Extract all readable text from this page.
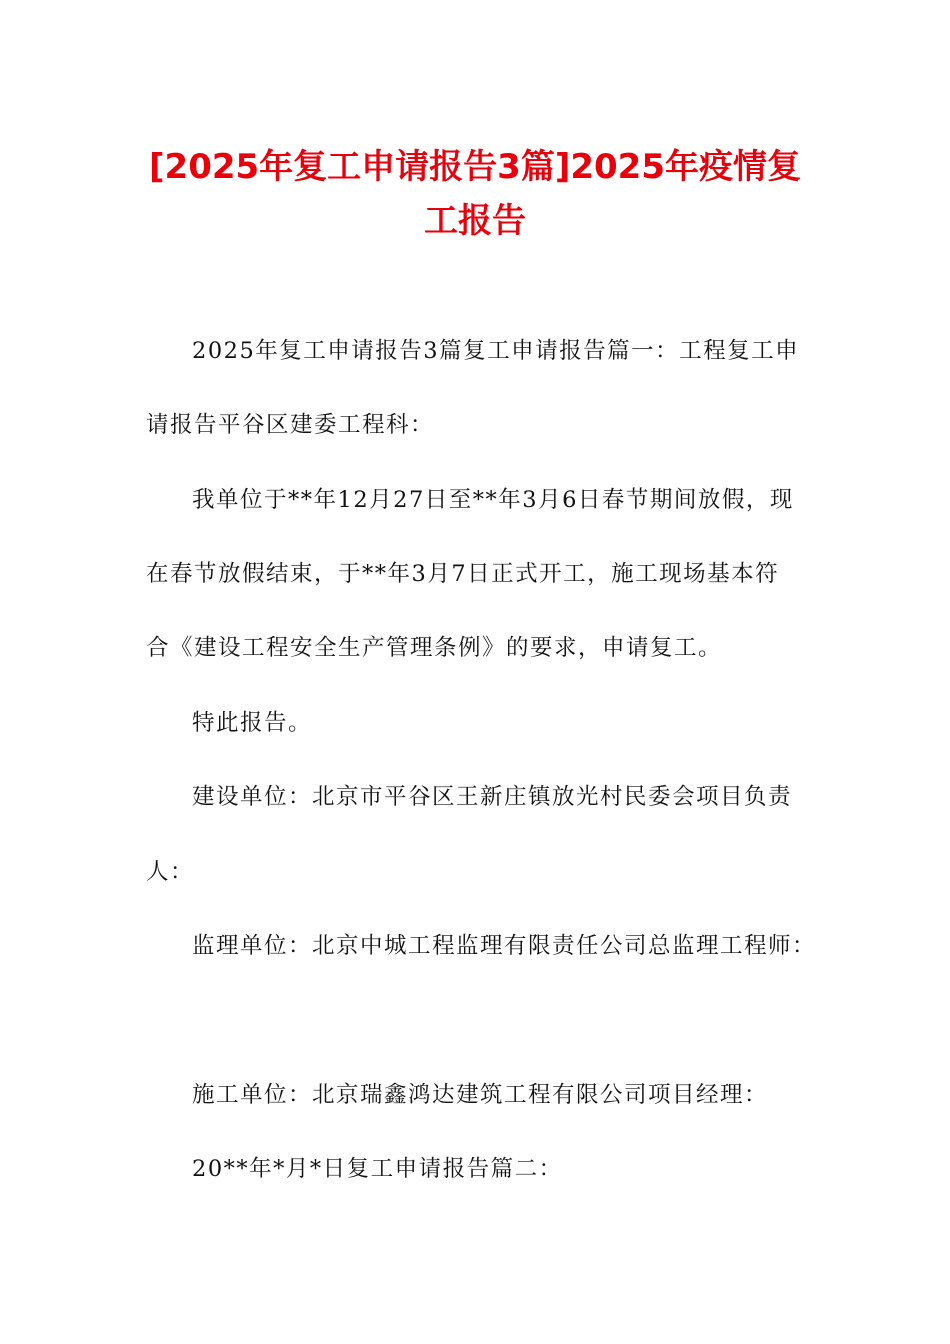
[2025年复工申请报告3篇]2025年疫情复
工报告
2025年复工申请报告3篇复工申请报告篇一：工程复工申
请报告平谷区建委工程科：
我单位于**年12月27日至**年3月6日春节期间放假，现
在春节放假结束，于**年3月7日正式开工，施工现场基本符
合《建设工程安全生产管理条例》的要求，申请复工。
特此报告。
建设单位：北京市平谷区王新庄镇放光村民委会项目负责
人：
监理单位：北京中城工程监理有限责任公司总监理工程师：
施工单位：北京瑞鑫鸿达建筑工程有限公司项目经理：
20**年*月*日复工申请报告篇二：
